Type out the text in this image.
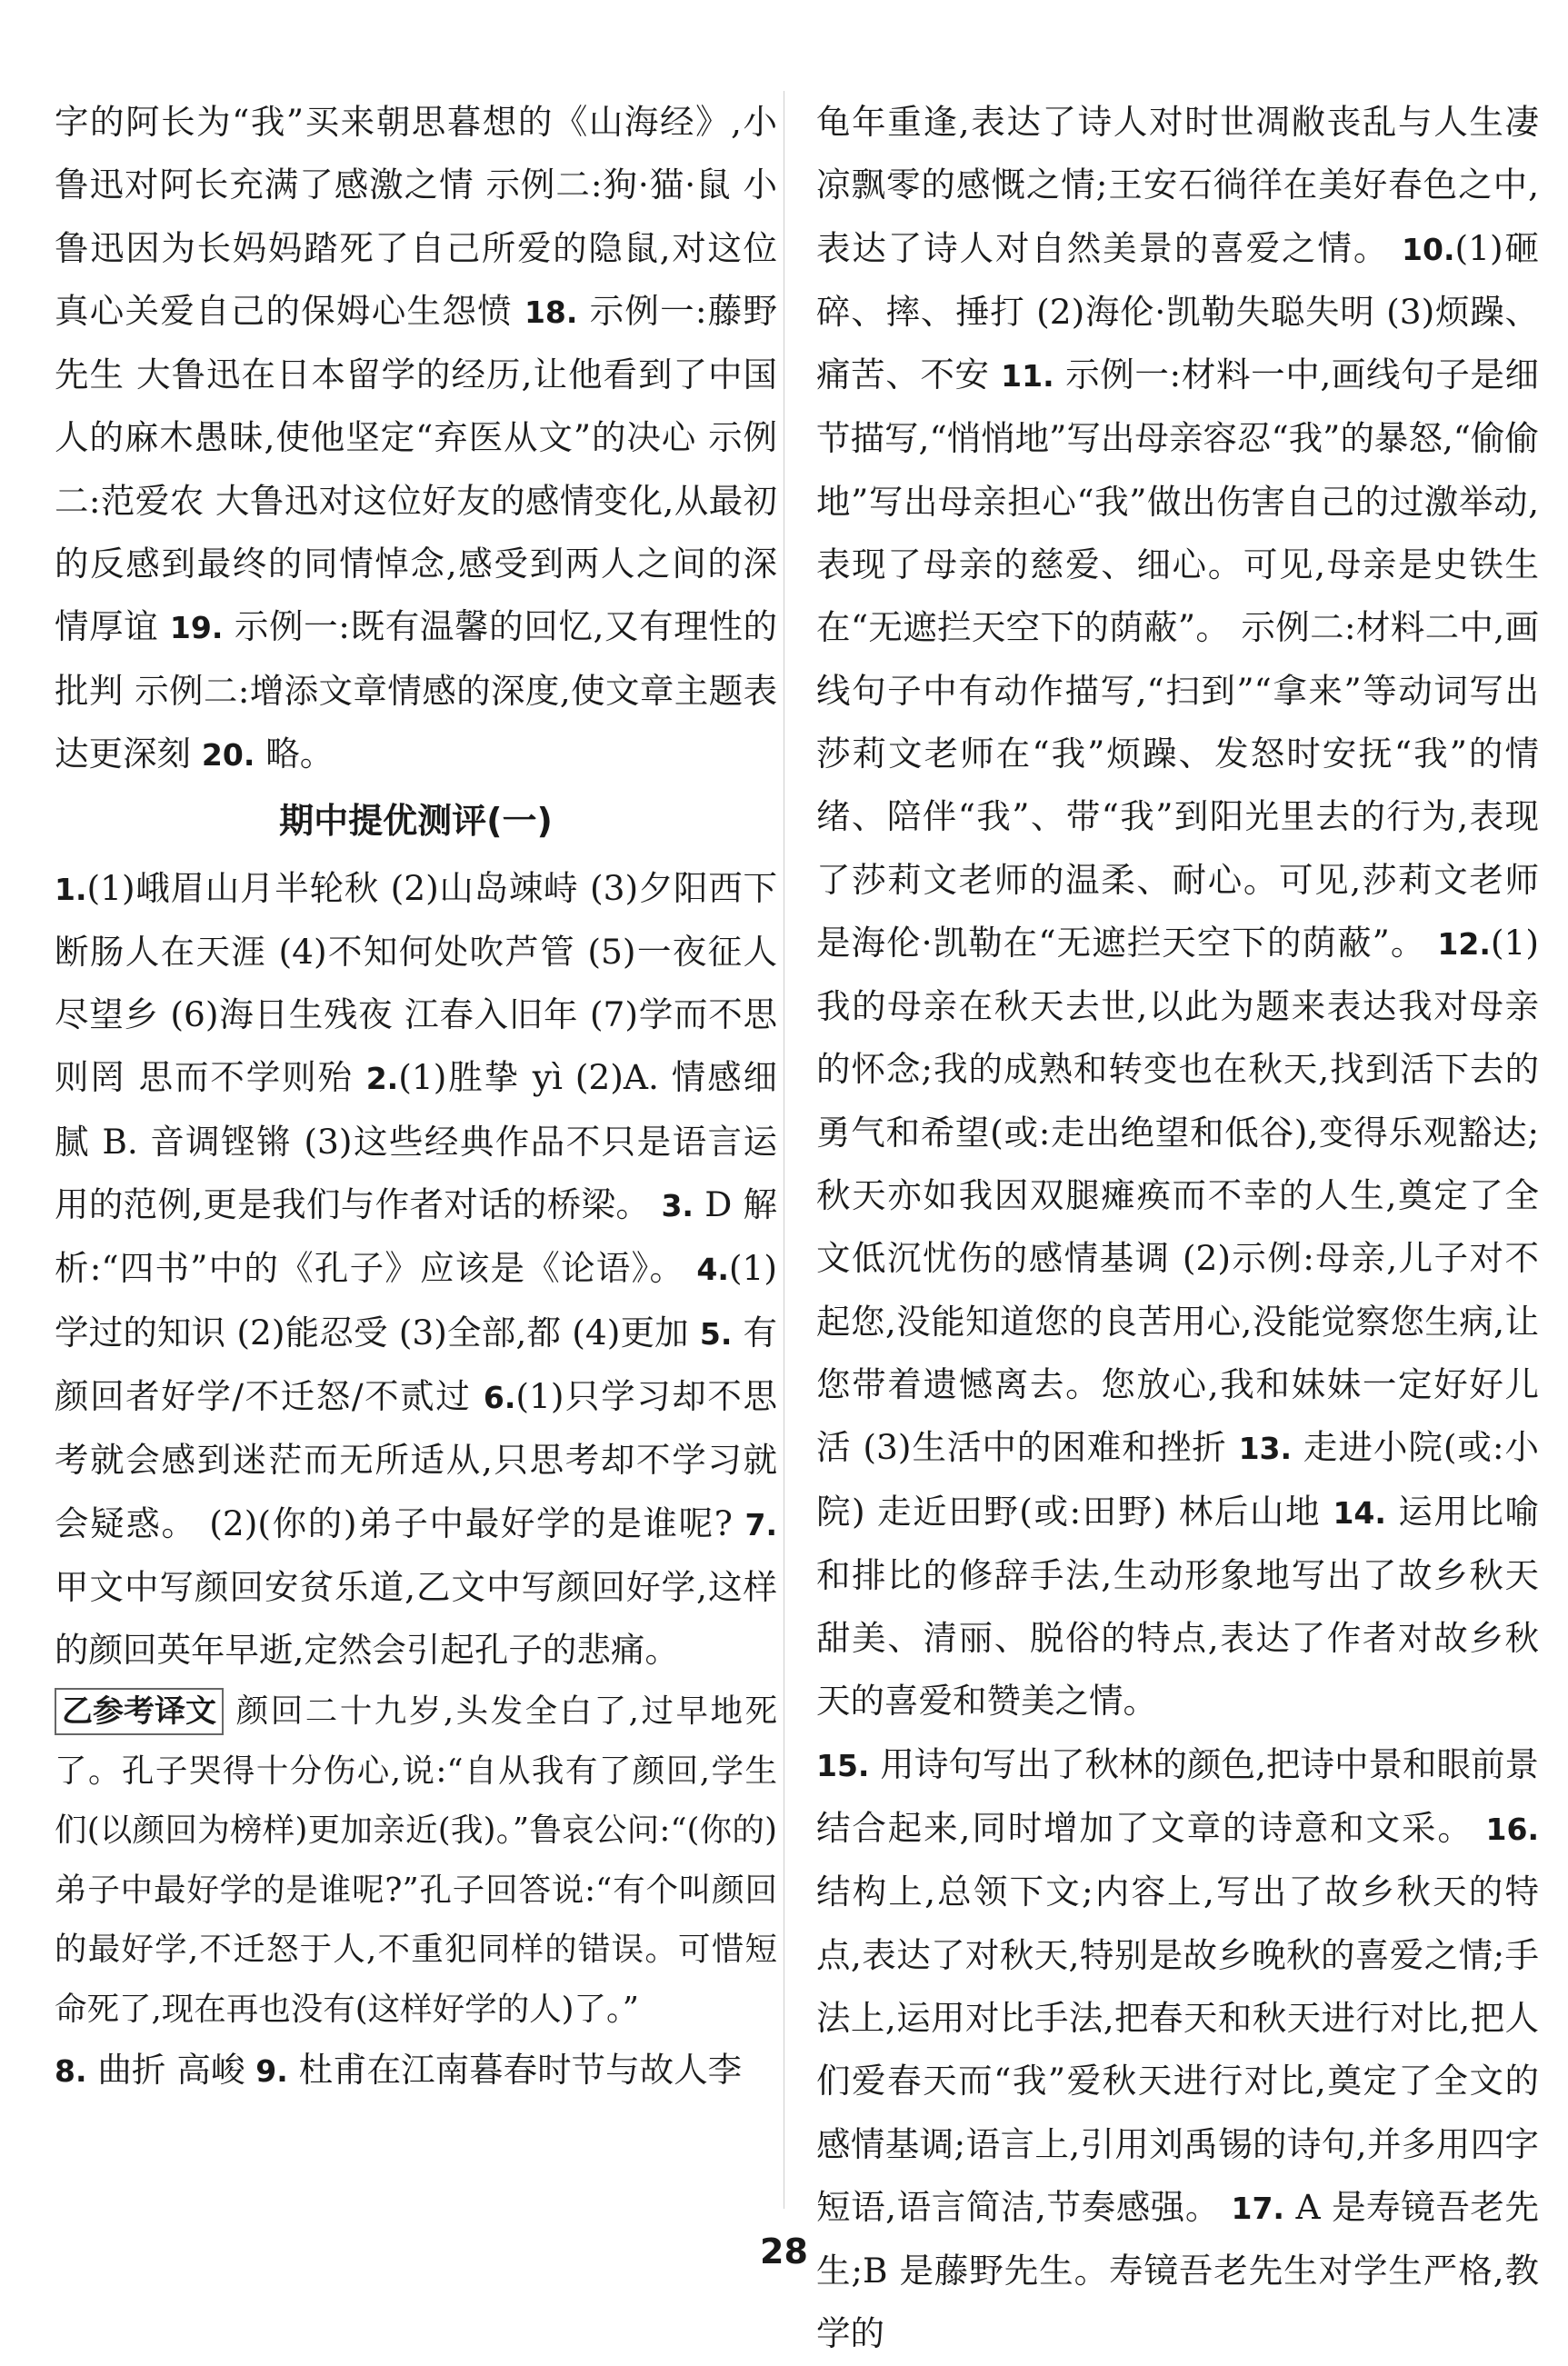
字的阿长为“我”买来朝思暮想的《山海经》,小鲁迅对阿长充满了感激之情 示例二:狗·猫·鼠 小鲁迅因为长妈妈踏死了自己所爱的隐鼠,对这位真心关爱自己的保姆心生怨愤 18. 示例一:藤野先生 大鲁迅在日本留学的经历,让他看到了中国人的麻木愚昧,使他坚定“弃医从文”的决心 示例二:范爱农 大鲁迅对这位好友的感情变化,从最初的反感到最终的同情悼念,感受到两人之间的深情厚谊 19. 示例一:既有温馨的回忆,又有理性的批判 示例二:增添文章情感的深度,使文章主题表达更深刻 20. 略。

期中提优测评(一)

1.(1)峨眉山月半轮秋 (2)山岛竦峙 (3)夕阳西下 断肠人在天涯 (4)不知何处吹芦管 (5)一夜征人尽望乡 (6)海日生残夜 江春入旧年 (7)学而不思则罔 思而不学则殆 2.(1)胜挚 yì (2)A. 情感细腻 B. 音调铿锵 (3)这些经典作品不只是语言运用的范例,更是我们与作者对话的桥梁。 3. D 解析:“四书”中的《孔子》应该是《论语》。 4.(1)学过的知识 (2)能忍受 (3)全部,都 (4)更加 5. 有颜回者好学/不迁怒/不贰过 6.(1)只学习却不思考就会感到迷茫而无所适从,只思考却不学习就会疑惑。 (2)(你的)弟子中最好学的是谁呢? 7. 甲文中写颜回安贫乐道,乙文中写颜回好学,这样的颜回英年早逝,定然会引起孔子的悲痛。

乙参考译文 颜回二十九岁,头发全白了,过早地死了。孔子哭得十分伤心,说:“自从我有了颜回,学生们(以颜回为榜样)更加亲近(我)。”鲁哀公问:“(你的)弟子中最好学的是谁呢?”孔子回答说:“有个叫颜回的最好学,不迁怒于人,不重犯同样的错误。可惜短命死了,现在再也没有(这样好学的人)了。”

8. 曲折 高峻 9. 杜甫在江南暮春时节与故人李

龟年重逢,表达了诗人对时世凋敝丧乱与人生凄凉飘零的感慨之情;王安石徜徉在美好春色之中,表达了诗人对自然美景的喜爱之情。 10.(1)砸碎、摔、捶打 (2)海伦·凯勒失聪失明 (3)烦躁、痛苦、不安 11. 示例一:材料一中,画线句子是细节描写,“悄悄地”写出母亲容忍“我”的暴怒,“偷偷地”写出母亲担心“我”做出伤害自己的过激举动,表现了母亲的慈爱、细心。可见,母亲是史铁生在“无遮拦天空下的荫蔽”。 示例二:材料二中,画线句子中有动作描写,“扫到”“拿来”等动词写出莎莉文老师在“我”烦躁、发怒时安抚“我”的情绪、陪伴“我”、带“我”到阳光里去的行为,表现了莎莉文老师的温柔、耐心。可见,莎莉文老师是海伦·凯勒在“无遮拦天空下的荫蔽”。 12.(1)我的母亲在秋天去世,以此为题来表达我对母亲的怀念;我的成熟和转变也在秋天,找到活下去的勇气和希望(或:走出绝望和低谷),变得乐观豁达;秋天亦如我因双腿瘫痪而不幸的人生,奠定了全文低沉忧伤的感情基调 (2)示例:母亲,儿子对不起您,没能知道您的良苦用心,没能觉察您生病,让您带着遗憾离去。您放心,我和妹妹一定好好儿活 (3)生活中的困难和挫折 13. 走进小院(或:小院) 走近田野(或:田野) 林后山地 14. 运用比喻和排比的修辞手法,生动形象地写出了故乡秋天甜美、清丽、脱俗的特点,表达了作者对故乡秋天的喜爱和赞美之情。

15. 用诗句写出了秋林的颜色,把诗中景和眼前景结合起来,同时增加了文章的诗意和文采。 16. 结构上,总领下文;内容上,写出了故乡秋天的特点,表达了对秋天,特别是故乡晚秋的喜爱之情;手法上,运用对比手法,把春天和秋天进行对比,把人们爱春天而“我”爱秋天进行对比,奠定了全文的感情基调;语言上,引用刘禹锡的诗句,并多用四字短语,语言简洁,节奏感强。 17. A 是寿镜吾老先生;B 是藤野先生。寿镜吾老先生对学生严格,教学的

28
